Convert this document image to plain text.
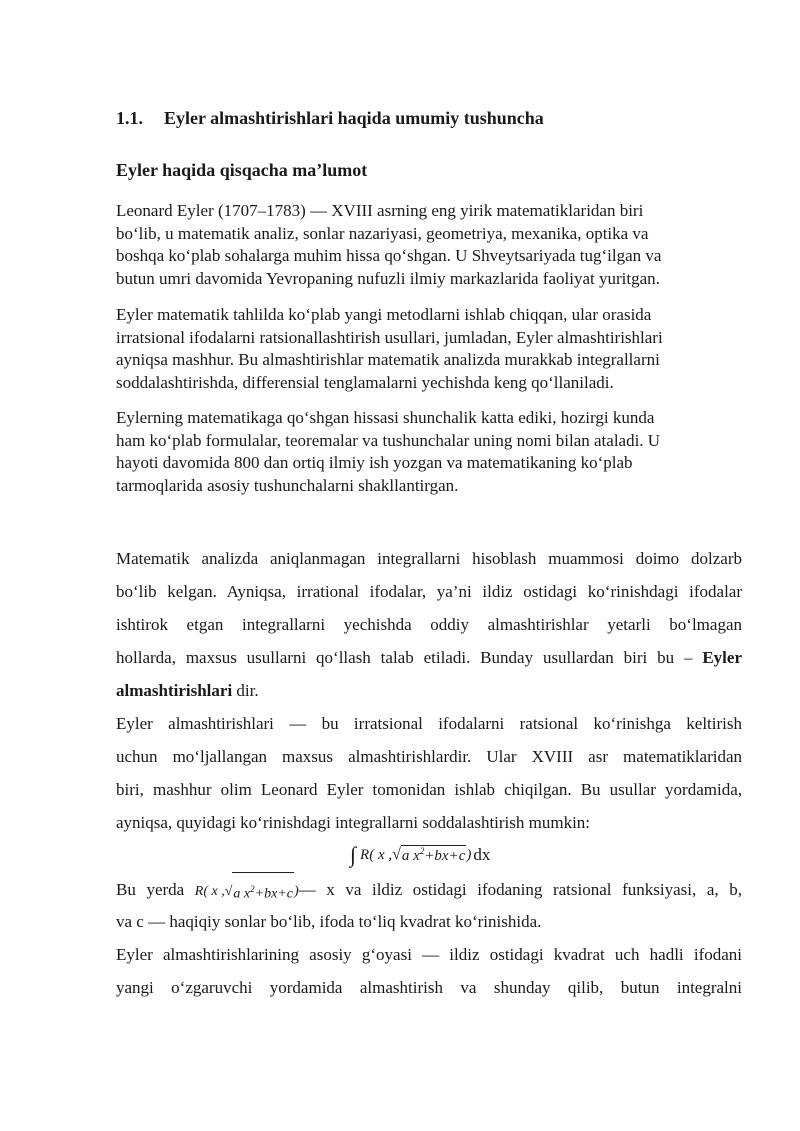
1.1. Eyler almashtirishlari haqida umumiy tushuncha
Eyler haqida qisqacha ma’lumot
Leonard Eyler (1707–1783) — XVIII asrning eng yirik matematiklaridan biri
bo‘lib, u matematik analiz, sonlar nazariyasi, geometriya, mexanika, optika va
boshqa ko‘plab sohalarga muhim hissa qo‘shgan. U Shveytsariyada tug‘ilgan va
butun umri davomida Yevropaning nufuzli ilmiy markazlarida faoliyat yuritgan.
Eyler matematik tahlilda ko‘plab yangi metodlarni ishlab chiqqan, ular orasida
irratsional ifodalarni ratsionallashtirish usullari, jumladan, Eyler almashtirishlari
ayniqsa mashhur. Bu almashtirishlar matematik analizda murakkab integrallarni
soddalashtirishda, differensial tenglamalarni yechishda keng qo‘llaniladi.
Eylerning matematikaga qo‘shgan hissasi shunchalik katta ediki, hozirgi kunda
ham ko‘plab formulalar, teoremalar va tushunchalar uning nomi bilan ataladi. U
hayoti davomida 800 dan ortiq ilmiy ish yozgan va matematikaning ko‘plab
tarmoqlarida asosiy tushunchalarni shakllantirgan.
Matematik analizda aniqlanmagan integrallarni hisoblash muammosi doimo dolzarb
bo‘lib kelgan. Ayniqsa, irrational ifodalar, ya’ni ildiz ostidagi ko‘rinishdagi ifodalar
ishtirok etgan integrallarni yechishda oddiy almashtirishlar yetarli bo‘lmagan
hollarda, maxsus usullarni qo‘llash talab etiladi. Bunday usullardan biri bu – Eyler
almashtirishlari dir.
Eyler almashtirishlari — bu irratsional ifodalarni ratsional ko‘rinishga keltirish
uchun mo‘ljallangan maxsus almashtirishlardir. Ular XVIII asr matematiklaridan
biri, mashhur olim Leonard Eyler tomonidan ishlab chiqilgan. Bu usullar yordamida,
ayniqsa, quyidagi ko‘rinishdagi integrallarni soddalashtirish mumkin:
∫ R( x , √ a $x^2+bx+c$ ) dx
Bu yerda R( x , √ a $x^2+bx+c$ ) — x va ildiz ostidagi ifodaning ratsional funksiyasi, a, b,
va c — haqiqiy sonlar bo‘lib, ifoda to‘liq kvadrat ko‘rinishida.
Eyler almashtirishlarining asosiy g‘oyasi — ildiz ostidagi kvadrat uch hadli ifodani
yangi o‘zgaruvchi yordamida almashtirish va shunday qilib, butun integralni
